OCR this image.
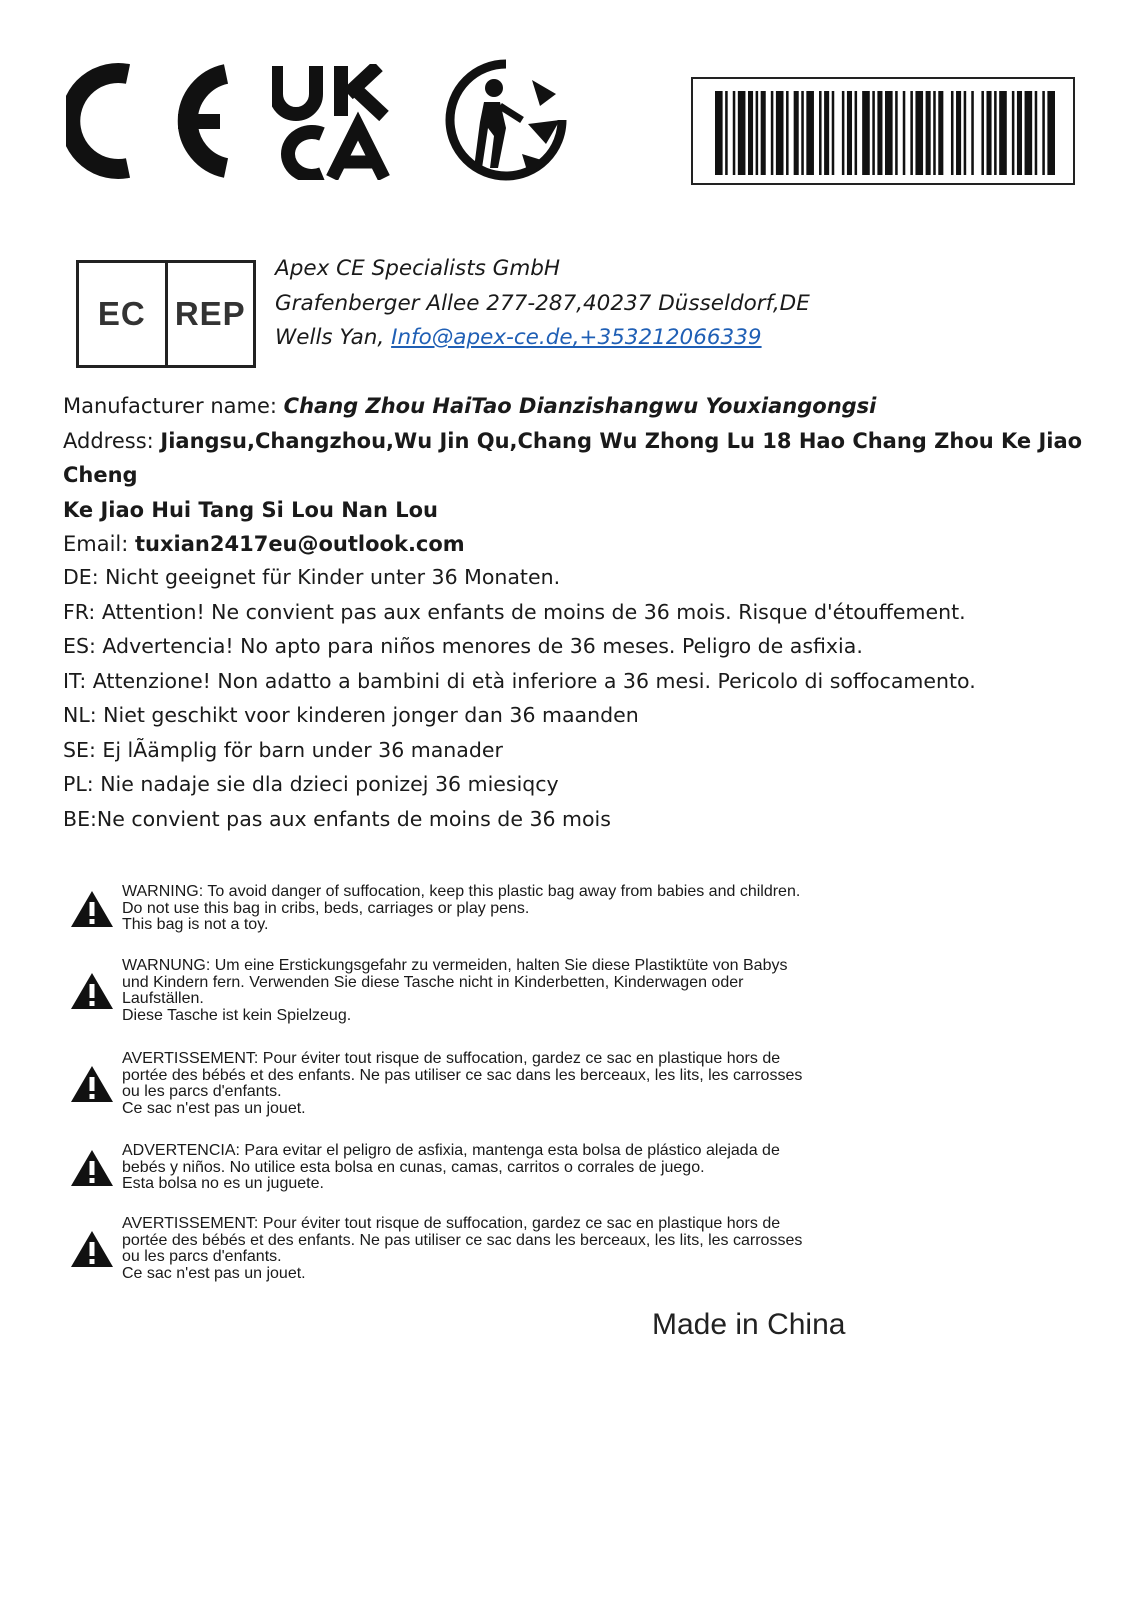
EC REP
Apex CE Specialists GmbH
Grafenberger Allee 277-287,40237 Düsseldorf,DE
Wells Yan, Info@apex-ce.de,+353212066339
Manufacturer name: Chang Zhou HaiTao Dianzishangwu Youxiangongsi
Address: Jiangsu,Changzhou,Wu Jin Qu,Chang Wu Zhong Lu 18 Hao Chang Zhou Ke Jiao Cheng
Ke Jiao Hui Tang Si Lou Nan Lou
Email: tuxian2417eu@outlook.com
DE: Nicht geeignet für Kinder unter 36 Monaten.
FR: Attention! Ne convient pas aux enfants de moins de 36 mois. Risque d'étouffement.
ES: Advertencia! No apto para niños menores de 36 meses. Peligro de asfixia.
IT: Attenzione! Non adatto a bambini di età inferiore a 36 mesi. Pericolo di soffocamento.
NL: Niet geschikt voor kinderen jonger dan 36 maanden
SE: Ej lÃämplig för barn under 36 manader
PL: Nie nadaje sie dla dzieci ponizej 36 miesiqcy
BE:Ne convient pas aux enfants de moins de 36 mois
WARNING: To avoid danger of suffocation, keep this plastic bag away from babies and children.
Do not use this bag in cribs, beds, carriages or play pens.
This bag is not a toy.
WARNUNG: Um eine Erstickungsgefahr zu vermeiden, halten Sie diese Plastiktüte von Babys
und Kindern fern. Verwenden Sie diese Tasche nicht in Kinderbetten, Kinderwagen oder
Laufställen.
Diese Tasche ist kein Spielzeug.
AVERTISSEMENT: Pour éviter tout risque de suffocation, gardez ce sac en plastique hors de
portée des bébés et des enfants. Ne pas utiliser ce sac dans les berceaux, les lits, les carrosses
ou les parcs d'enfants.
Ce sac n'est pas un jouet.
ADVERTENCIA: Para evitar el peligro de asfixia, mantenga esta bolsa de plástico alejada de
bebés y niños. No utilice esta bolsa en cunas, camas, carritos o corrales de juego.
Esta bolsa no es un juguete.
AVERTISSEMENT: Pour éviter tout risque de suffocation, gardez ce sac en plastique hors de
portée des bébés et des enfants. Ne pas utiliser ce sac dans les berceaux, les lits, les carrosses
ou les parcs d'enfants.
Ce sac n'est pas un jouet.
Made in China
